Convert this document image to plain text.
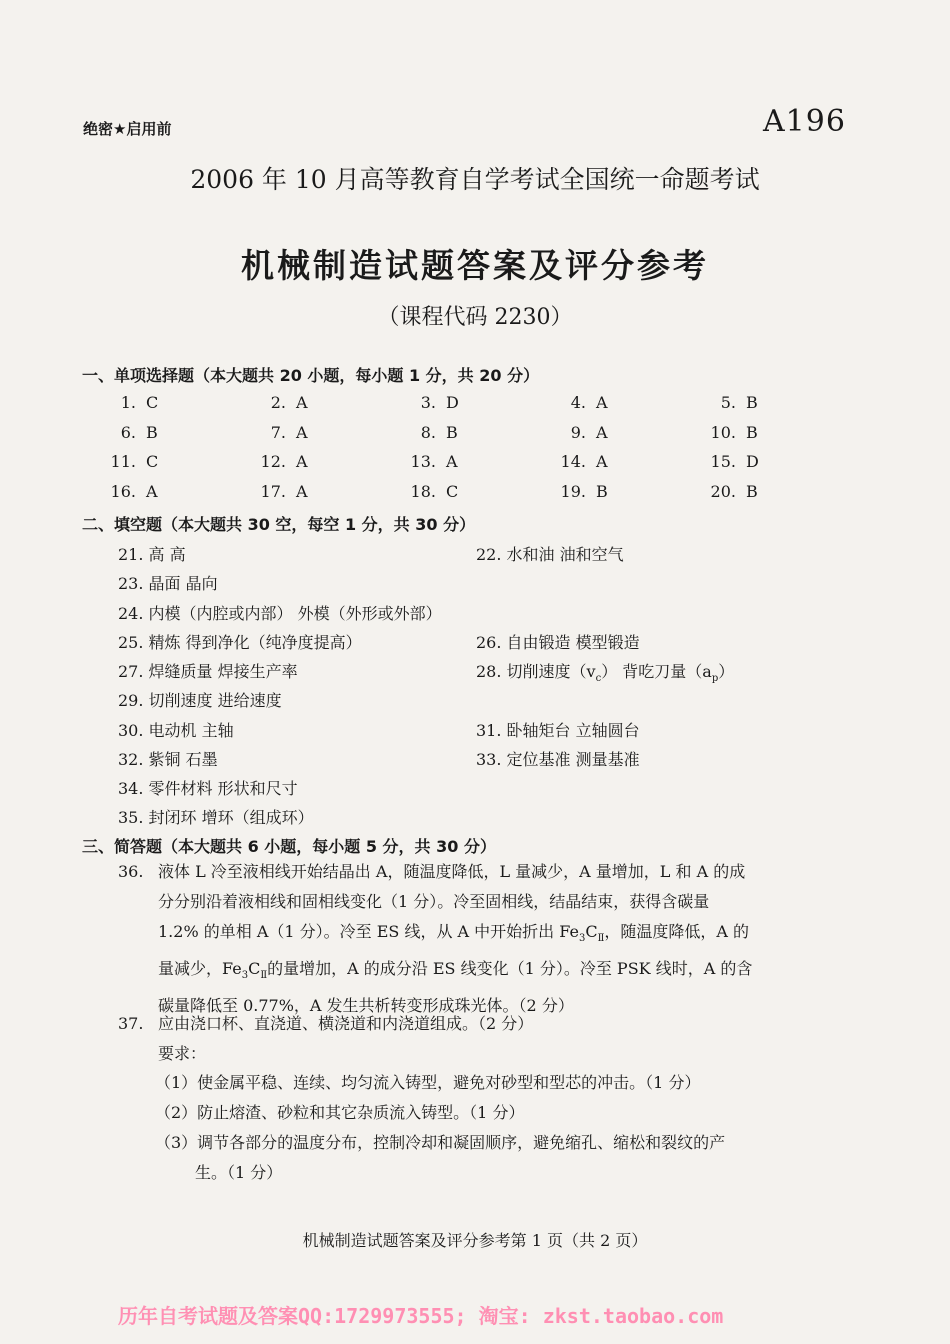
绝密★启用前	A196
2006 年 10 月高等教育自学考试全国统一命题考试
机械制造试题答案及评分参考
（课程代码 2230）
一、单项选择题（本大题共 20 小题，每小题 1 分，共 20 分）
1. C	2. A	3. D	4. A	5. B
6. B	7. A	8. B	9. A	10. B
11. C	12. A	13. A	14. A	15. D
16. A	17. A	18. C	19. B	20. B
二、填空题（本大题共 30 空，每空 1 分，共 30 分）
21. 高 高	22. 水和油 油和空气
23. 晶面 晶向
24. 内模（内腔或内部） 外模（外形或外部）
25. 精炼 得到净化（纯净度提高）	26. 自由锻造 模型锻造
27. 焊缝质量 焊接生产率	28. 切削速度$(v_c)$ 背吃刀量$(a_p)$
29. 切削速度 进给速度
30. 电动机 主轴	31. 卧轴矩台 立轴圆台
32. 紫铜 石墨	33. 定位基准 测量基准
34. 零件材料 形状和尺寸
35. 封闭环 增环（组成环）
三、简答题（本大题共 6 小题，每小题 5 分，共 30 分）
36. 液体 L 冷至液相线开始结晶出 A，随温度降低，L 量减少，A 量增加，L 和 A 的成
分分别沿着液相线和固相线变化（1 分）。冷至固相线，结晶结束，获得含碳量
1.2% 的单相 A（1 分）。冷至 ES 线，从 A 中开始折出 $Fe_3C_Ⅱ$，随温度降低，A 的
量减少，$Fe_3C_Ⅱ$的量增加，A 的成分沿 ES 线变化（1 分）。冷至 PSK 线时，A 的含
碳量降低至 0.77%，A 发生共析转变形成珠光体。（2 分）
37. 应由浇口杯、直浇道、横浇道和内浇道组成。（2 分）
要求：
（1）使金属平稳、连续、均匀流入铸型，避免对砂型和型芯的冲击。（1 分）
（2）防止熔渣、砂粒和其它杂质流入铸型。（1 分）
（3）调节各部分的温度分布，控制冷却和凝固顺序，避免缩孔、缩松和裂纹的产
生。（1 分）
机械制造试题答案及评分参考第 1 页（共 2 页）
历年自考试题及答案QQ:1729973555; 淘宝: zkst.taobao.com
